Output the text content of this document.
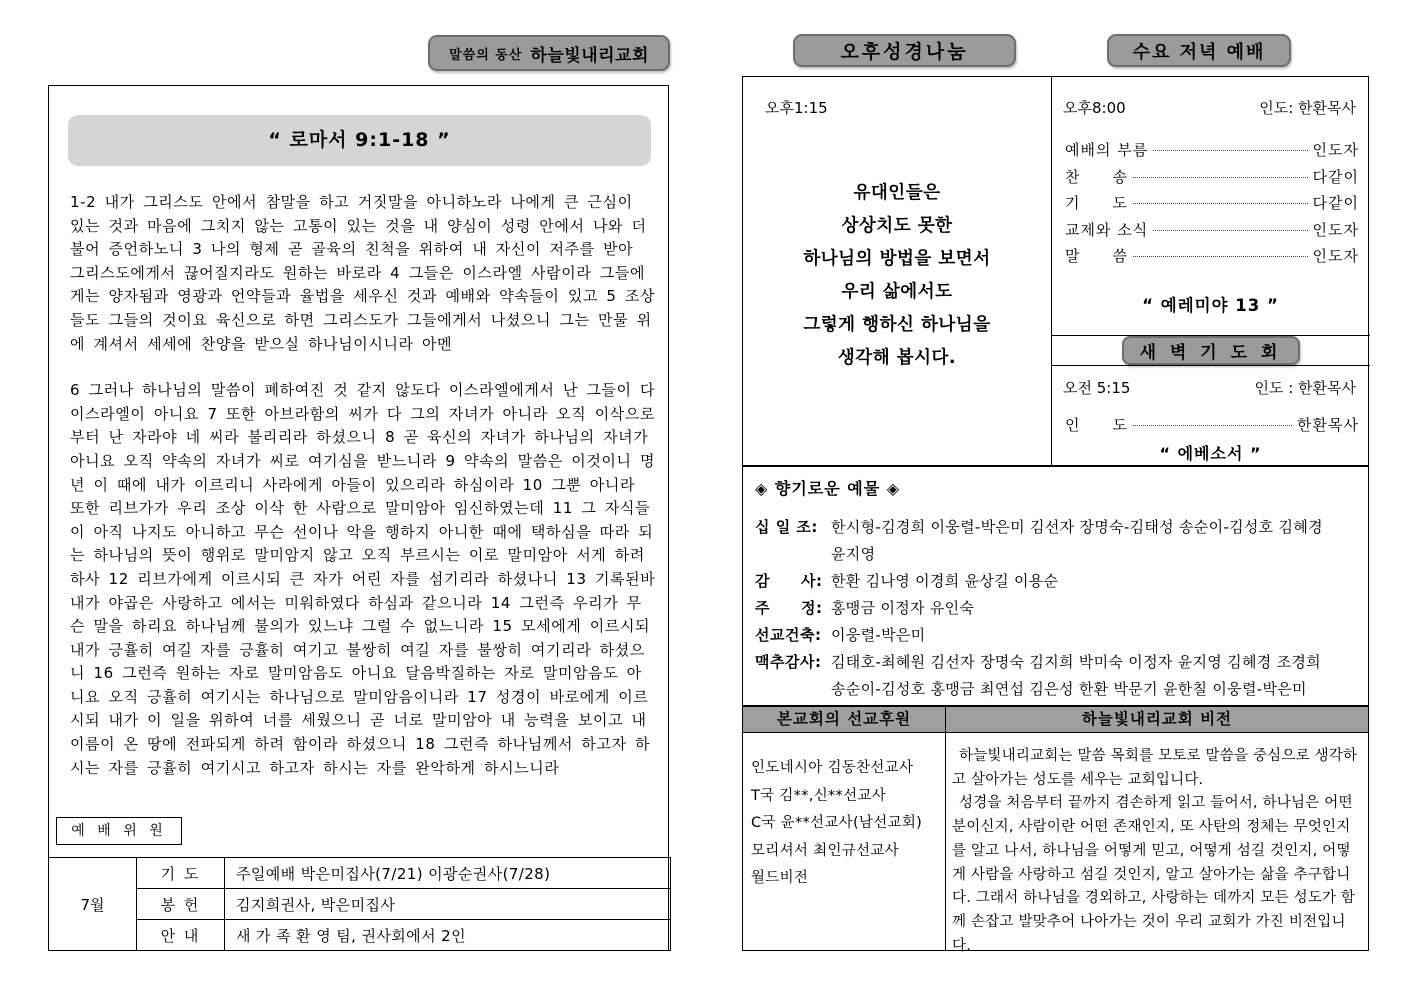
말씀의 동산 하늘빛내리교회
“ 로마서 9:1-18 ”

1-2 내가 그리스도 안에서 참말을 하고 거짓말을 아니하노라 나에게 큰 근심이 있는 것과 마음에 그치지 않는 고통이 있는 것을 내 양심이 성령 안에서 나와 더불어 증언하노니 3 나의 형제 곧 골육의 친척을 위하여 내 자신이 저주를 받아 그리스도에게서 끊어질지라도 원하는 바로라 4 그들은 이스라엘 사람이라 그들에게는 양자됨과 영광과 언약들과 율법을 세우신 것과 예배와 약속들이 있고 5 조상들도 그들의 것이요 육신으로 하면 그리스도가 그들에게서 나셨으니 그는 만물 위에 계셔서 세세에 찬양을 받으실 하나님이시니라 아멘

6 그러나 하나님의 말씀이 폐하여진 것 같지 않도다 이스라엘에게서 난 그들이 다 이스라엘이 아니요 7 또한 아브라함의 씨가 다 그의 자녀가 아니라 오직 이삭으로부터 난 자라야 네 씨라 불리리라 하셨으니 8 곧 육신의 자녀가 하나님의 자녀가 아니요 오직 약속의 자녀가 씨로 여기심을 받느니라 9 약속의 말씀은 이것이니 명년 이 때에 내가 이르리니 사라에게 아들이 있으리라 하심이라 10 그뿐 아니라 또한 리브가가 우리 조상 이삭 한 사람으로 말미암아 임신하였는데 11 그 자식들이 아직 나지도 아니하고 무슨 선이나 악을 행하지 아니한 때에 택하심을 따라 되는 하나님의 뜻이 행위로 말미암지 않고 오직 부르시는 이로 말미암아 서게 하려 하사 12 리브가에게 이르시되 큰 자가 어린 자를 섬기리라 하셨나니 13 기록된바 내가 야곱은 사랑하고 에서는 미워하였다 하심과 같으니라 14 그런즉 우리가 무슨 말을 하리요 하나님께 불의가 있느냐 그럴 수 없느니라 15 모세에게 이르시되 내가 긍휼히 여길 자를 긍휼히 여기고 불쌍히 여길 자를 불쌍히 여기리라 하셨으니 16 그런즉 원하는 자로 말미암음도 아니요 달음박질하는 자로 말미암음도 아니요 오직 긍휼히 여기시는 하나님으로 말미암음이니라 17 성경이 바로에게 이르시되 내가 이 일을 위하여 너를 세웠으니 곧 너로 말미암아 내 능력을 보이고 내 이름이 온 땅에 전파되게 하려 함이라 하셨으니 18 그런즉 하나님께서 하고자 하시는 자를 긍휼히 여기시고 하고자 하시는 자를 완악하게 하시느니라

예 배 위 원
7월	기 도	주일예배 박은미집사(7/21) 이광순권사(7/28)
	봉 헌	김지희권사, 박은미집사
	안 내	새 가 족 환 영 팀, 권사회에서 2인
오후성경나눔	수요 저녁 예배
오후1:15
유대인들은
상상치도 못한
하나님의 방법을 보면서
우리 삶에서도
그렇게 행하신 하나님을
생각해 봅시다.
오후8:00	인도: 한환목사
예배의 부름	인도자
찬　　송	다같이
기　　도	다같이
교제와 소식	인도자
말　　씀	인도자
“ 예레미야 13 ”
새 벽 기 도 회
오전 5:15	인도 : 한환목사
인　　도	한환목사
“ 에베소서 ”
◈ 향기로운 예물 ◈
십 일 조: 한시형-김경희 이웅렬-박은미 김선자 장명숙-김태성 송순이-김성호 김혜경
윤지영
감　　사: 한환 김나영 이경희 윤상길 이용순
주　　정: 홍맹금 이정자 유인숙
선교건축: 이웅렬-박은미
맥추감사: 김태호-최혜원 김선자 장명숙 김지희 박미숙 이정자 윤지영 김혜경 조경희
송순이-김성호 홍맹금 최연섭 김은성 한환 박문기 윤한칠 이웅렬-박은미
본교회의 선교후원	하늘빛내리교회 비전
인도네시아 김동찬선교사
T국 김**,신**선교사
C국 윤**선교사(남선교회)
모리셔서 최인규선교사
월드비전

하늘빛내리교회는 말씀 목회를 모토로 말씀을 중심으로 생각하고 살아가는 성도를 세우는 교회입니다.

성경을 처음부터 끝까지 겸손하게 읽고 들어서, 하나님은 어떤 분이신지, 사람이란 어떤 존재인지, 또 사탄의 정체는 무엇인지를 알고 나서, 하나님을 어떻게 믿고, 어떻게 섬길 것인지, 어떻게 사람을 사랑하고 섬길 것인지, 알고 살아가는 삶을 추구합니다. 그래서 하나님을 경외하고, 사랑하는 데까지 모든 성도가 함께 손잡고 발맞추어 나아가는 것이 우리 교회가 가진 비전입니다.
